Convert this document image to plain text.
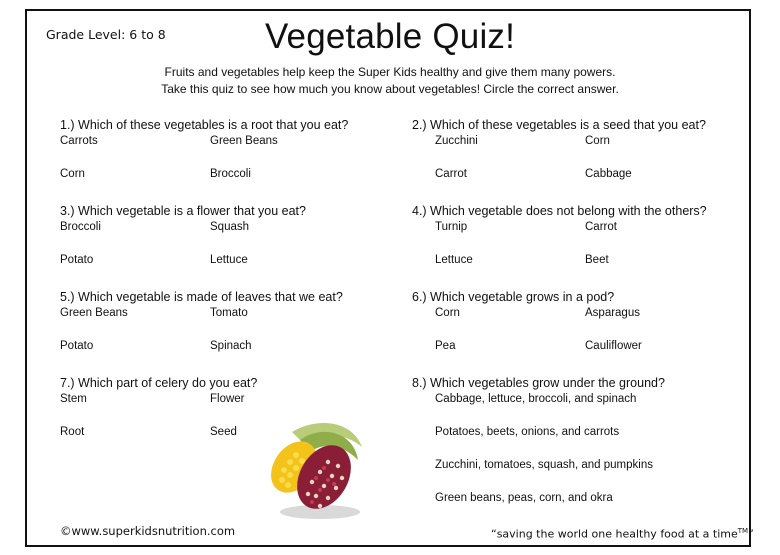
Grade Level: 6 to 8	Vegetable Quiz!
Fruits and vegetables help keep the Super Kids healthy and give them many powers.
Take this quiz to see how much you know about vegetables! Circle the correct answer.
1.) Which of these vegetables is a root that you eat?
Carrots	Green Beans
Corn	Broccoli
2.) Which of these vegetables is a seed that you eat?
Zucchini	Corn
Carrot	Cabbage
3.) Which vegetable is a flower that you eat?
Broccoli	Squash
Potato	Lettuce
4.) Which vegetable does not belong with the others?
Turnip	Carrot
Lettuce	Beet
5.) Which vegetable is made of leaves that we eat?
Green Beans	Tomato
Potato	Spinach
6.) Which vegetable grows in a pod?
Corn	Asparagus
Pea	Cauliflower
7.) Which part of celery do you eat?
Stem	Flower
Root	Seed
8.) Which vegetables grow under the ground?
Cabbage, lettuce, broccoli, and spinach
Potatoes, beets, onions, and carrots
Zucchini, tomatoes, squash, and pumpkins
Green beans, peas, corn, and okra
©www.superkidsnutrition.com	“saving the world one healthy food at a time™”
